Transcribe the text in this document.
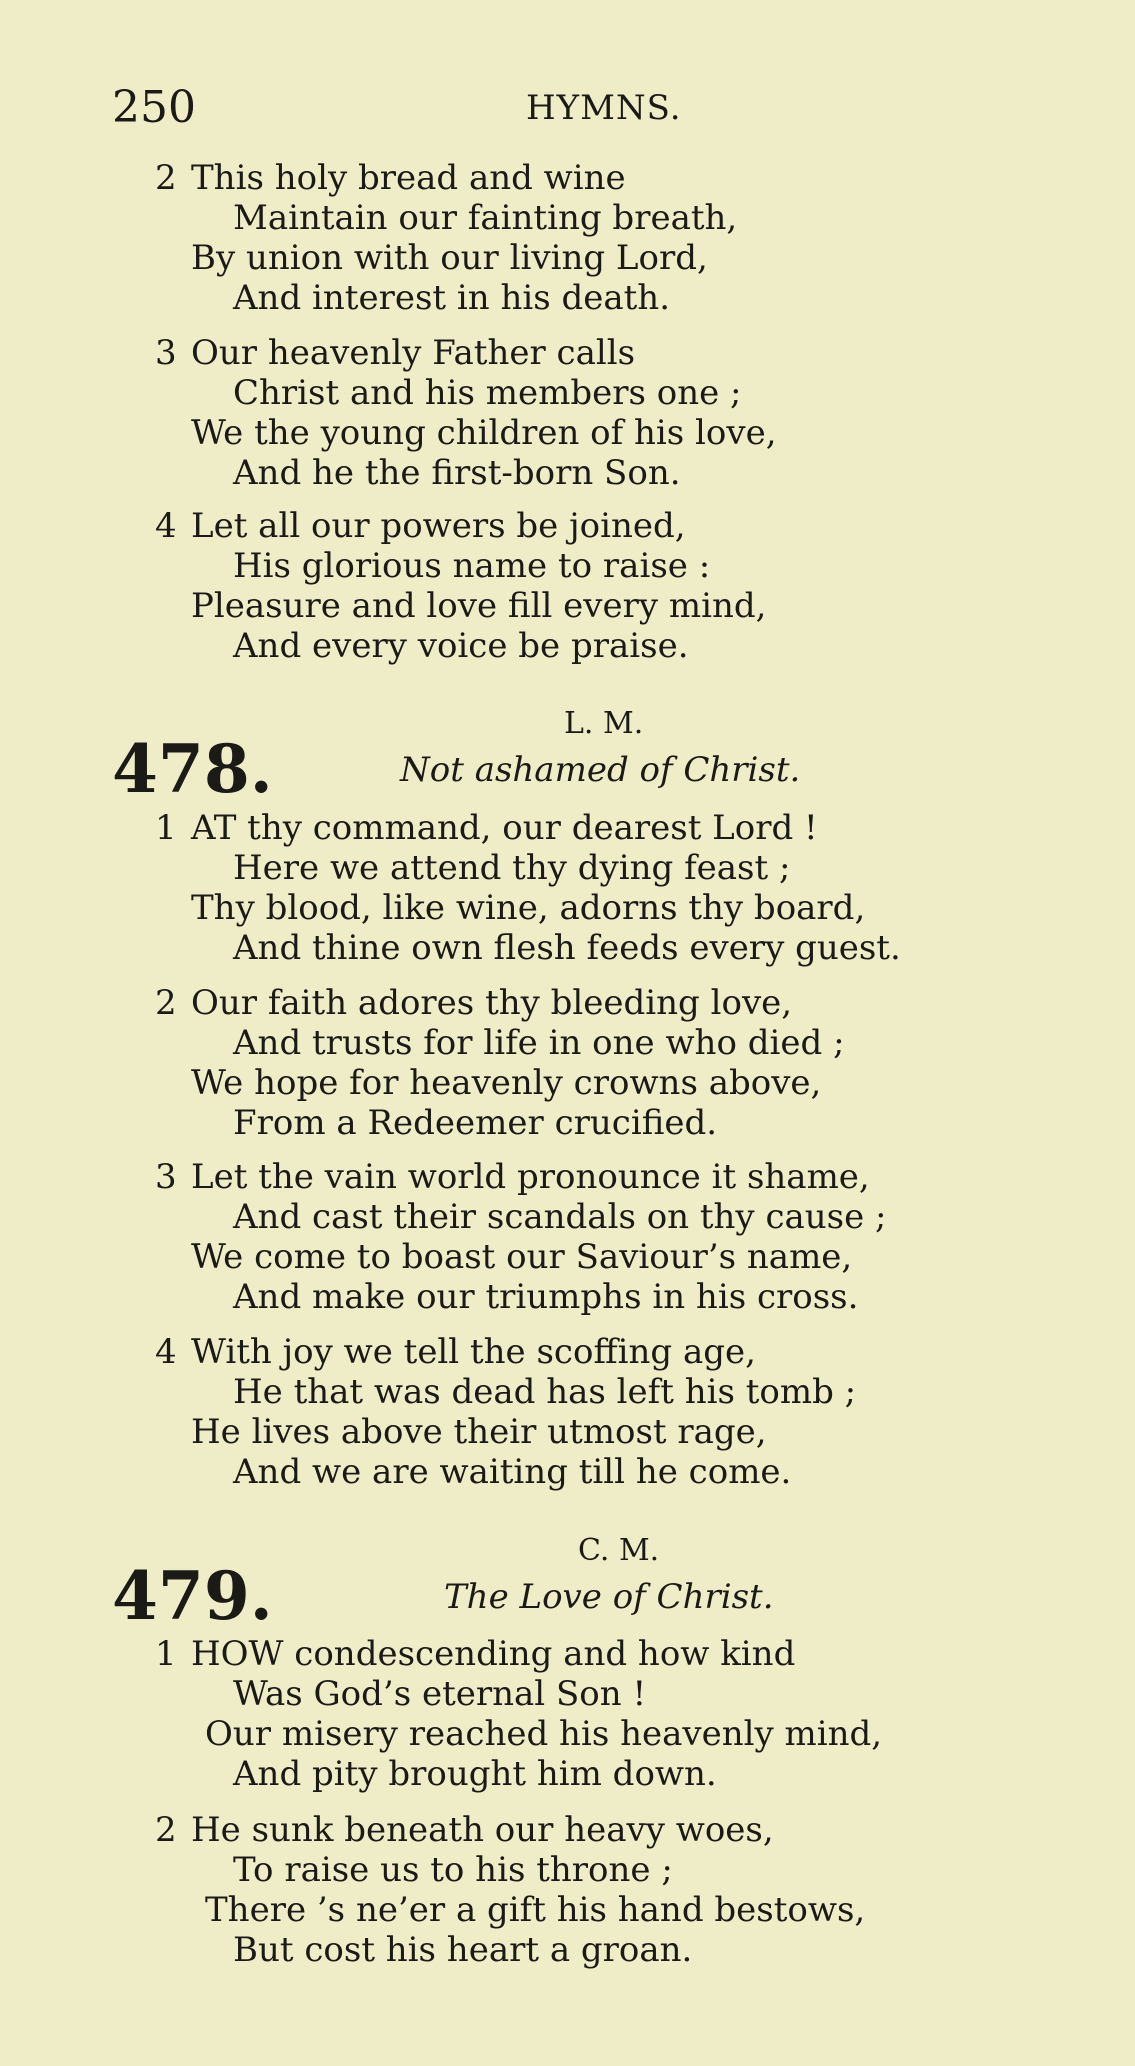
250	HYMNS.
2 This holy bread and wine
Maintain our fainting breath,
By union with our living Lord,
And interest in his death.
3 Our heavenly Father calls
Christ and his members one ;
We the young children of his love,
And he the first-born Son.
4 Let all our powers be joined,
His glorious name to raise :
Pleasure and love fill every mind,
And every voice be praise.
478.
L. M.
Not ashamed of Christ.
1 AT thy command, our dearest Lord !
Here we attend thy dying feast ;
Thy blood, like wine, adorns thy board,
And thine own flesh feeds every guest.
2 Our faith adores thy bleeding love,
And trusts for life in one who died ;
We hope for heavenly crowns above,
From a Redeemer crucified.
3 Let the vain world pronounce it shame,
And cast their scandals on thy cause ;
We come to boast our Saviour’s name,
And make our triumphs in his cross.
4 With joy we tell the scoffing age,
He that was dead has left his tomb ;
He lives above their utmost rage,
And we are waiting till he come.
479.
C. M.
The Love of Christ.
1 HOW condescending and how kind
Was God’s eternal Son !
Our misery reached his heavenly mind,
And pity brought him down.
2 He sunk beneath our heavy woes,
To raise us to his throne ;
There ’s ne’er a gift his hand bestows,
But cost his heart a groan.
